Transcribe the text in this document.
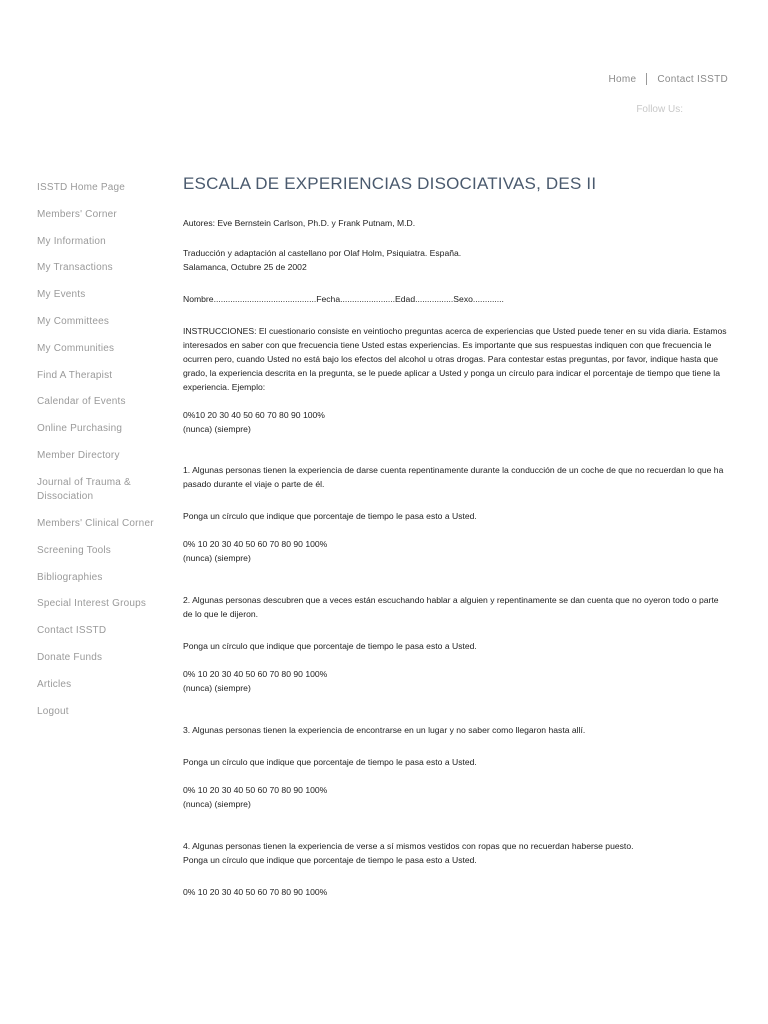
Home Contact ISSTD
Follow Us:
ISSTD Home Page
Members' Corner
My Information
My Transactions
My Events
My Committees
My Communities
Find A Therapist
Calendar of Events
Online Purchasing
Member Directory
Journal of Trauma & Dissociation
Members' Clinical Corner
Screening Tools
Bibliographies
Special Interest Groups
Contact ISSTD
Donate Funds
Articles
Logout
ESCALA DE EXPERIENCIAS DISOCIATIVAS, DES II

Autores: Eve Bernstein Carlson, Ph.D. y Frank Putnam, M.D.

Traducción y adaptación al castellano por Olaf Holm, Psiquiatra. España.

Salamanca, Octubre 25 de 2002

Nombre...........................................Fecha.......................Edad................Sexo.............

INSTRUCCIONES: El cuestionario consiste en veintiocho preguntas acerca de experiencias que Usted puede tener en su vida diaria. Estamos interesados en saber con que frecuencia tiene Usted estas experiencias. Es importante que sus respuestas indiquen con que frecuencia le ocurren pero, cuando Usted no está bajo los efectos del alcohol u otras drogas. Para contestar estas preguntas, por favor, indique hasta que grado, la experiencia descrita en la pregunta, se le puede aplicar a Usted y ponga un círculo para indicar el porcentaje de tiempo que tiene la experiencia. Ejemplo:

0%10 20 30 40 50 60 70 80 90 100%

(nunca) (siempre)

1. Algunas personas tienen la experiencia de darse cuenta repentinamente durante la conducción de un coche de que no recuerdan lo que ha pasado durante el viaje o parte de él.

Ponga un círculo que indique que porcentaje de tiempo le pasa esto a Usted.

0% 10 20 30 40 50 60 70 80 90 100%

(nunca) (siempre)

2. Algunas personas descubren que a veces están escuchando hablar a alguien y repentinamente se dan cuenta que no oyeron todo o parte de lo que le dijeron.

Ponga un círculo que indique que porcentaje de tiempo le pasa esto a Usted.

0% 10 20 30 40 50 60 70 80 90 100%

(nunca) (siempre)

3. Algunas personas tienen la experiencia de encontrarse en un lugar y no saber como llegaron hasta allí.

Ponga un círculo que indique que porcentaje de tiempo le pasa esto a Usted.

0% 10 20 30 40 50 60 70 80 90 100%

(nunca) (siempre)

4. Algunas personas tienen la experiencia de verse a sí mismos vestidos con ropas que no recuerdan haberse puesto.

Ponga un círculo que indique que porcentaje de tiempo le pasa esto a Usted.

0% 10 20 30 40 50 60 70 80 90 100%
